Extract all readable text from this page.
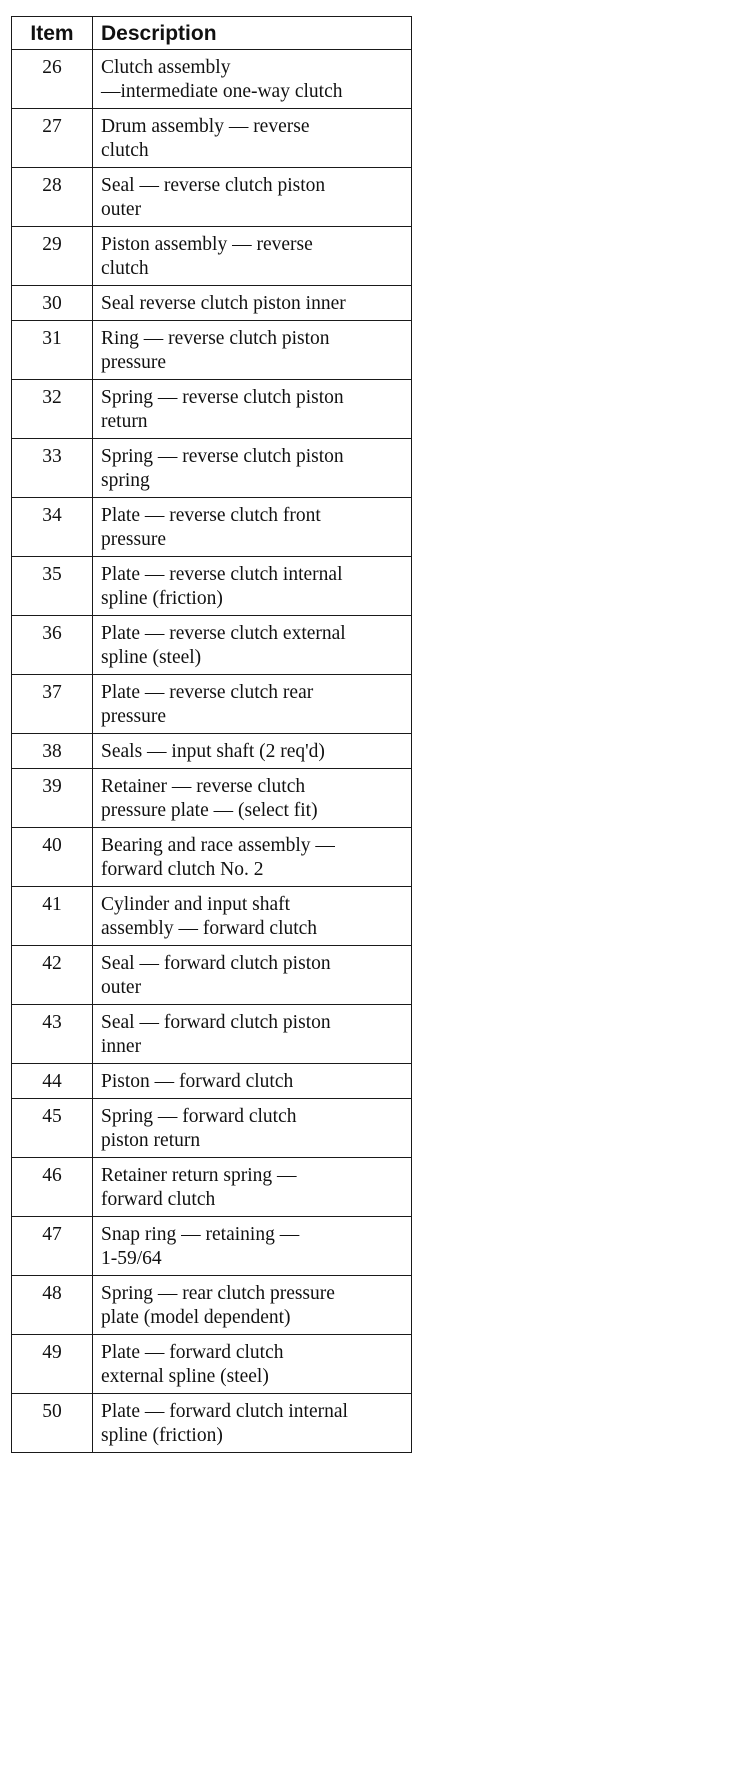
Item	Description
26	Clutch assembly
—intermediate one-way clutch
27	Drum assembly — reverse
clutch
28	Seal — reverse clutch piston
outer
29	Piston assembly — reverse
clutch
30	Seal reverse clutch piston inner
31	Ring — reverse clutch piston
pressure
32	Spring — reverse clutch piston
return
33	Spring — reverse clutch piston
spring
34	Plate — reverse clutch front
pressure
35	Plate — reverse clutch internal
spline (friction)
36	Plate — reverse clutch external
spline (steel)
37	Plate — reverse clutch rear
pressure
38	Seals — input shaft (2 req'd)
39	Retainer — reverse clutch
pressure plate — (select fit)
40	Bearing and race assembly —
forward clutch No. 2
41	Cylinder and input shaft
assembly — forward clutch
42	Seal — forward clutch piston
outer
43	Seal — forward clutch piston
inner
44	Piston — forward clutch
45	Spring — forward clutch
piston return
46	Retainer return spring —
forward clutch
47	Snap ring — retaining —
1-59/64

48	Spring — rear clutch pressure
plate (model dependent)
49	Plate — forward clutch
external spline (steel)
50	Plate — forward clutch internal
spline (friction)
